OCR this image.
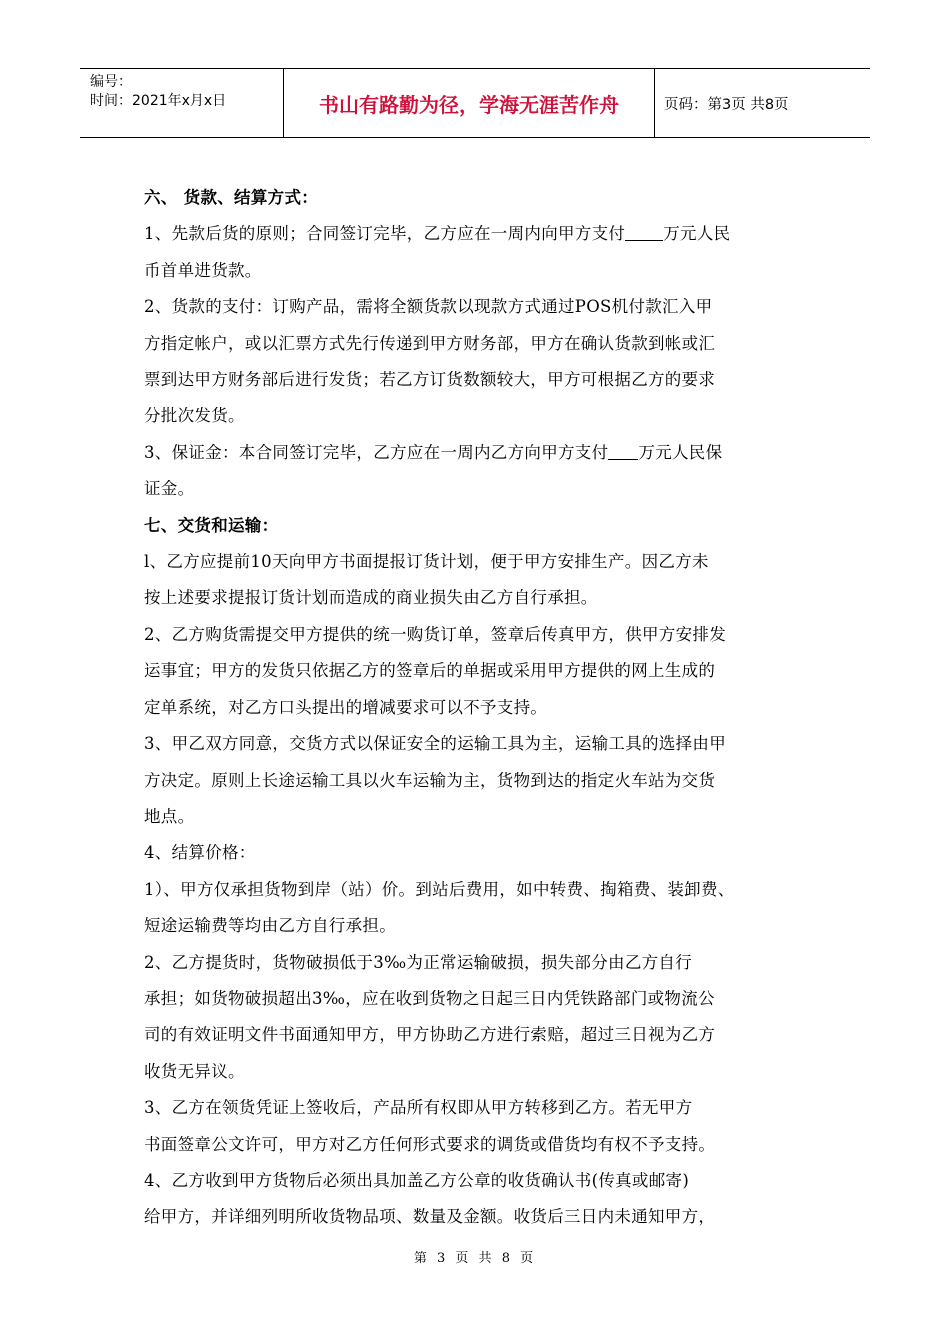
编号：
时间：2021年x月x日	书山有路勤为径，学海无涯苦作舟	页码：第3页 共8页
六、 货款、结算方式：
1、先款后货的原则；合同签订完毕，乙方应在一周内向甲方支付 万元人民
币首单进货款。
2、货款的支付：订购产品，需将全额货款以现款方式通过POS机付款汇入甲
方指定帐户，或以汇票方式先行传递到甲方财务部，甲方在确认货款到帐或汇
票到达甲方财务部后进行发货；若乙方订货数额较大，甲方可根据乙方的要求
分批次发货。
3、保证金：本合同签订完毕，乙方应在一周内乙方向甲方支付 万元人民保
证金。
七、交货和运输：
l、乙方应提前10天向甲方书面提报订货计划，便于甲方安排生产。因乙方未
按上述要求提报订货计划而造成的商业损失由乙方自行承担。
2、乙方购货需提交甲方提供的统一购货订单，签章后传真甲方，供甲方安排发
运事宜；甲方的发货只依据乙方的签章后的单据或采用甲方提供的网上生成的
定单系统，对乙方口头提出的增减要求可以不予支持。
3、甲乙双方同意，交货方式以保证安全的运输工具为主，运输工具的选择由甲
方决定。原则上长途运输工具以火车运输为主，货物到达的指定火车站为交货
地点。
4、结算价格：
1）、甲方仅承担货物到岸（站）价。到站后费用，如中转费、掏箱费、装卸费、
短途运输费等均由乙方自行承担。
2、乙方提货时，货物破损低于3‰为正常运输破损，损失部分由乙方自行
承担；如货物破损超出3‰，应在收到货物之日起三日内凭铁路部门或物流公
司的有效证明文件书面通知甲方，甲方协助乙方进行索赔，超过三日视为乙方
收货无异议。
3、乙方在领货凭证上签收后，产品所有权即从甲方转移到乙方。若无甲方
书面签章公文许可，甲方对乙方任何形式要求的调货或借货均有权不予支持。
4、乙方收到甲方货物后必须出具加盖乙方公章的收货确认书(传真或邮寄)
给甲方，并详细列明所收货物品项、数量及金额。收货后三日内未通知甲方，
第 3 页 共 8 页
